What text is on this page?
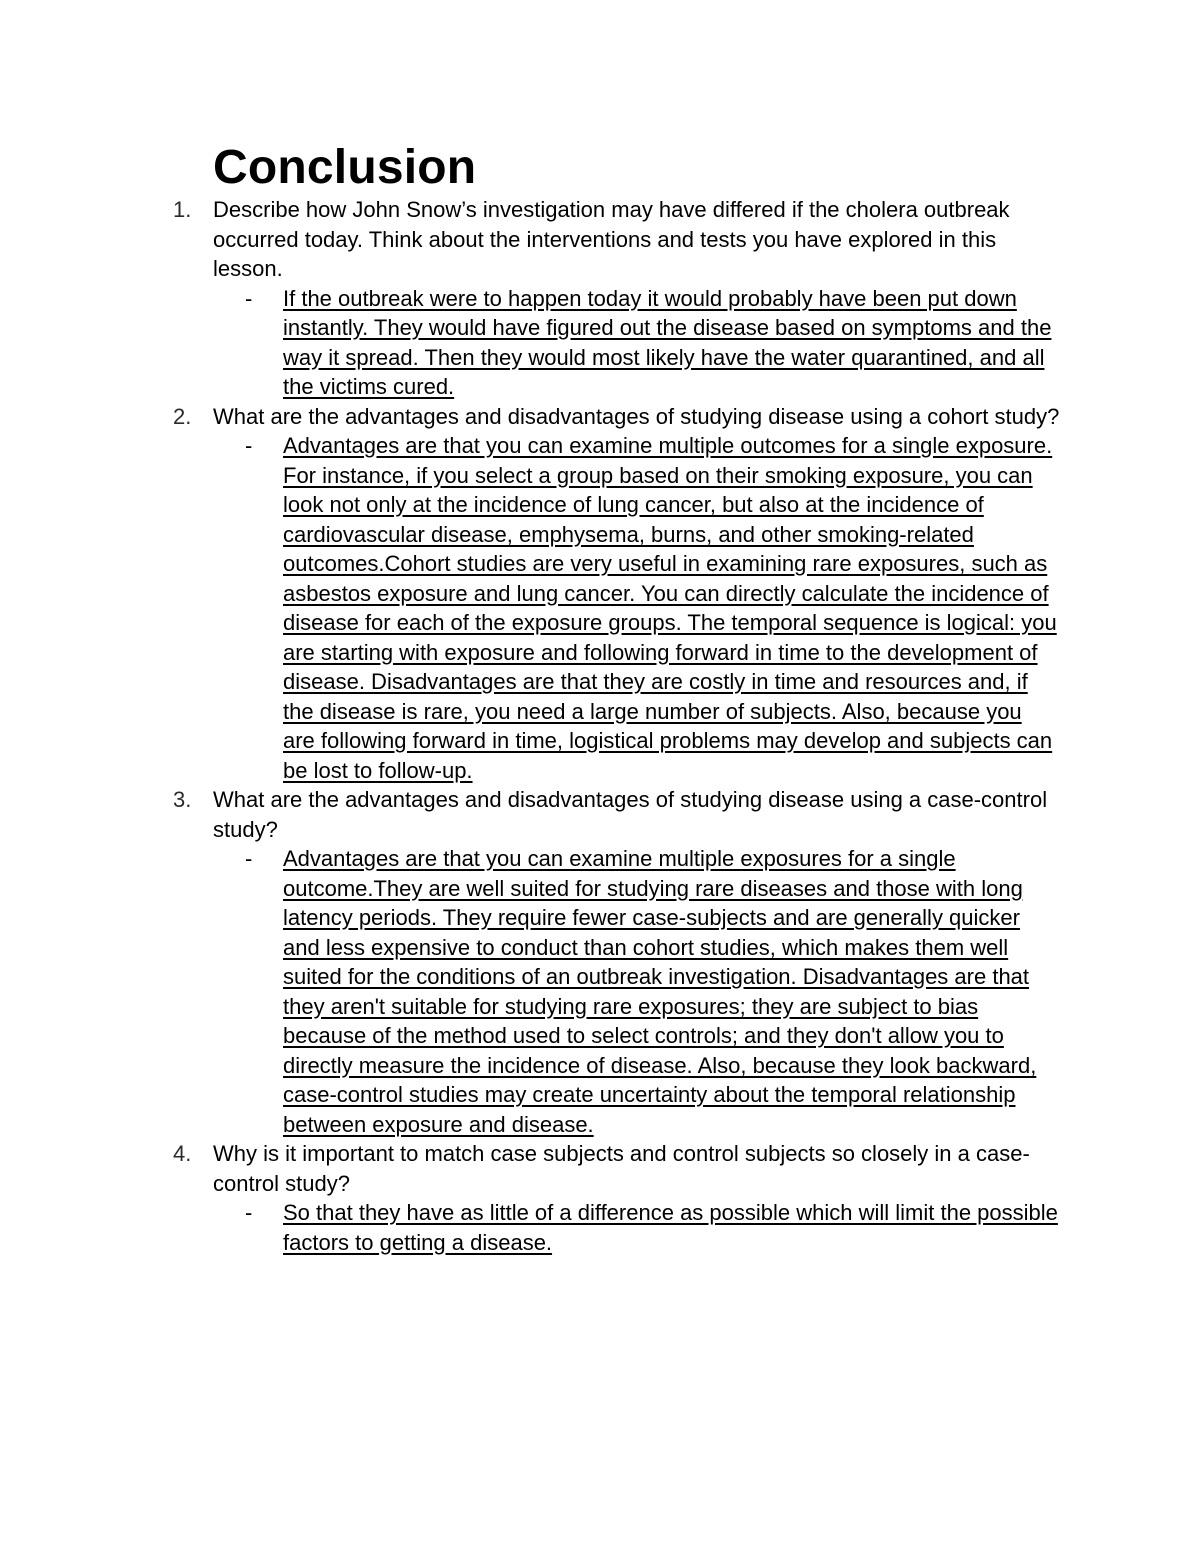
Conclusion
1. Describe how John Snow’s investigation may have differed if the cholera outbreak occurred today. Think about the interventions and tests you have explored in this lesson.
- If the outbreak were to happen today it would probably have been put down instantly. They would have figured out the disease based on symptoms and the way it spread. Then they would most likely have the water quarantined, and all the victims cured.
2. What are the advantages and disadvantages of studying disease using a cohort study?
- Advantages are that you can examine multiple outcomes for a single exposure. For instance, if you select a group based on their smoking exposure, you can look not only at the incidence of lung cancer, but also at the incidence of cardiovascular disease, emphysema, burns, and other smoking-related outcomes.Cohort studies are very useful in examining rare exposures, such as asbestos exposure and lung cancer. You can directly calculate the incidence of disease for each of the exposure groups. The temporal sequence is logical: you are starting with exposure and following forward in time to the development of disease. Disadvantages are that they are costly in time and resources and, if the disease is rare, you need a large number of subjects. Also, because you are following forward in time, logistical problems may develop and subjects can be lost to follow-up.
3. What are the advantages and disadvantages of studying disease using a case-control study?
- Advantages are that you can examine multiple exposures for a single outcome.They are well suited for studying rare diseases and those with long latency periods. They require fewer case-subjects and are generally quicker and less expensive to conduct than cohort studies, which makes them well suited for the conditions of an outbreak investigation. Disadvantages are that they aren't suitable for studying rare exposures; they are subject to bias because of the method used to select controls; and they don't allow you to directly measure the incidence of disease. Also, because they look backward, case-control studies may create uncertainty about the temporal relationship between exposure and disease.
4. Why is it important to match case subjects and control subjects so closely in a case-control study?
- So that they have as little of a difference as possible which will limit the possible factors to getting a disease.
